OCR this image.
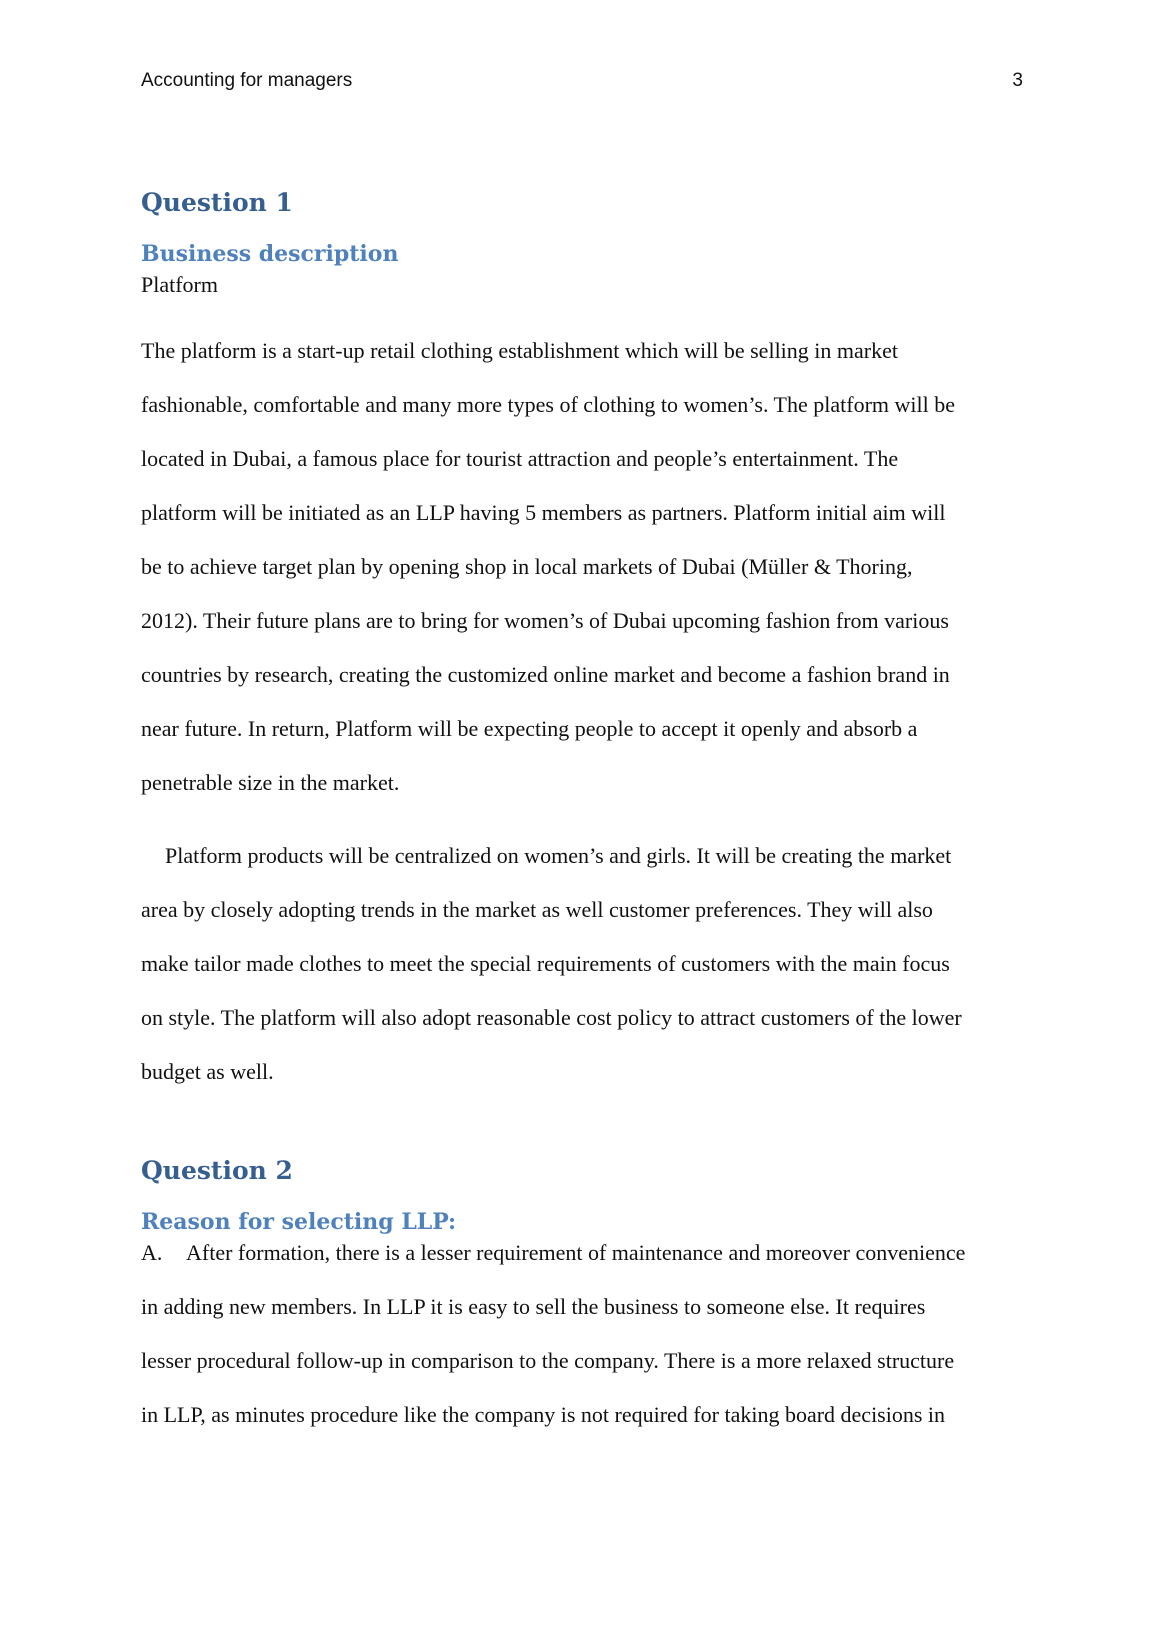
Accounting for managers	3
Question 1
Business description
Platform
The platform is a start-up retail clothing establishment which will be selling in market
fashionable, comfortable and many more types of clothing to women’s. The platform will be
located in Dubai, a famous place for tourist attraction and people’s entertainment. The
platform will be initiated as an LLP having 5 members as partners. Platform initial aim will
be to achieve target plan by opening shop in local markets of Dubai (Müller & Thoring,
2012). Their future plans are to bring for women’s of Dubai upcoming fashion from various
countries by research, creating the customized online market and become a fashion brand in
near future. In return, Platform will be expecting people to accept it openly and absorb a
penetrable size in the market.
Platform products will be centralized on women’s and girls. It will be creating the market
area by closely adopting trends in the market as well customer preferences. They will also
make tailor made clothes to meet the special requirements of customers with the main focus
on style. The platform will also adopt reasonable cost policy to attract customers of the lower
budget as well.
Question 2
Reason for selecting LLP:
A. After formation, there is a lesser requirement of maintenance and moreover convenience
in adding new members. In LLP it is easy to sell the business to someone else. It requires
lesser procedural follow-up in comparison to the company. There is a more relaxed structure
in LLP, as minutes procedure like the company is not required for taking board decisions in
